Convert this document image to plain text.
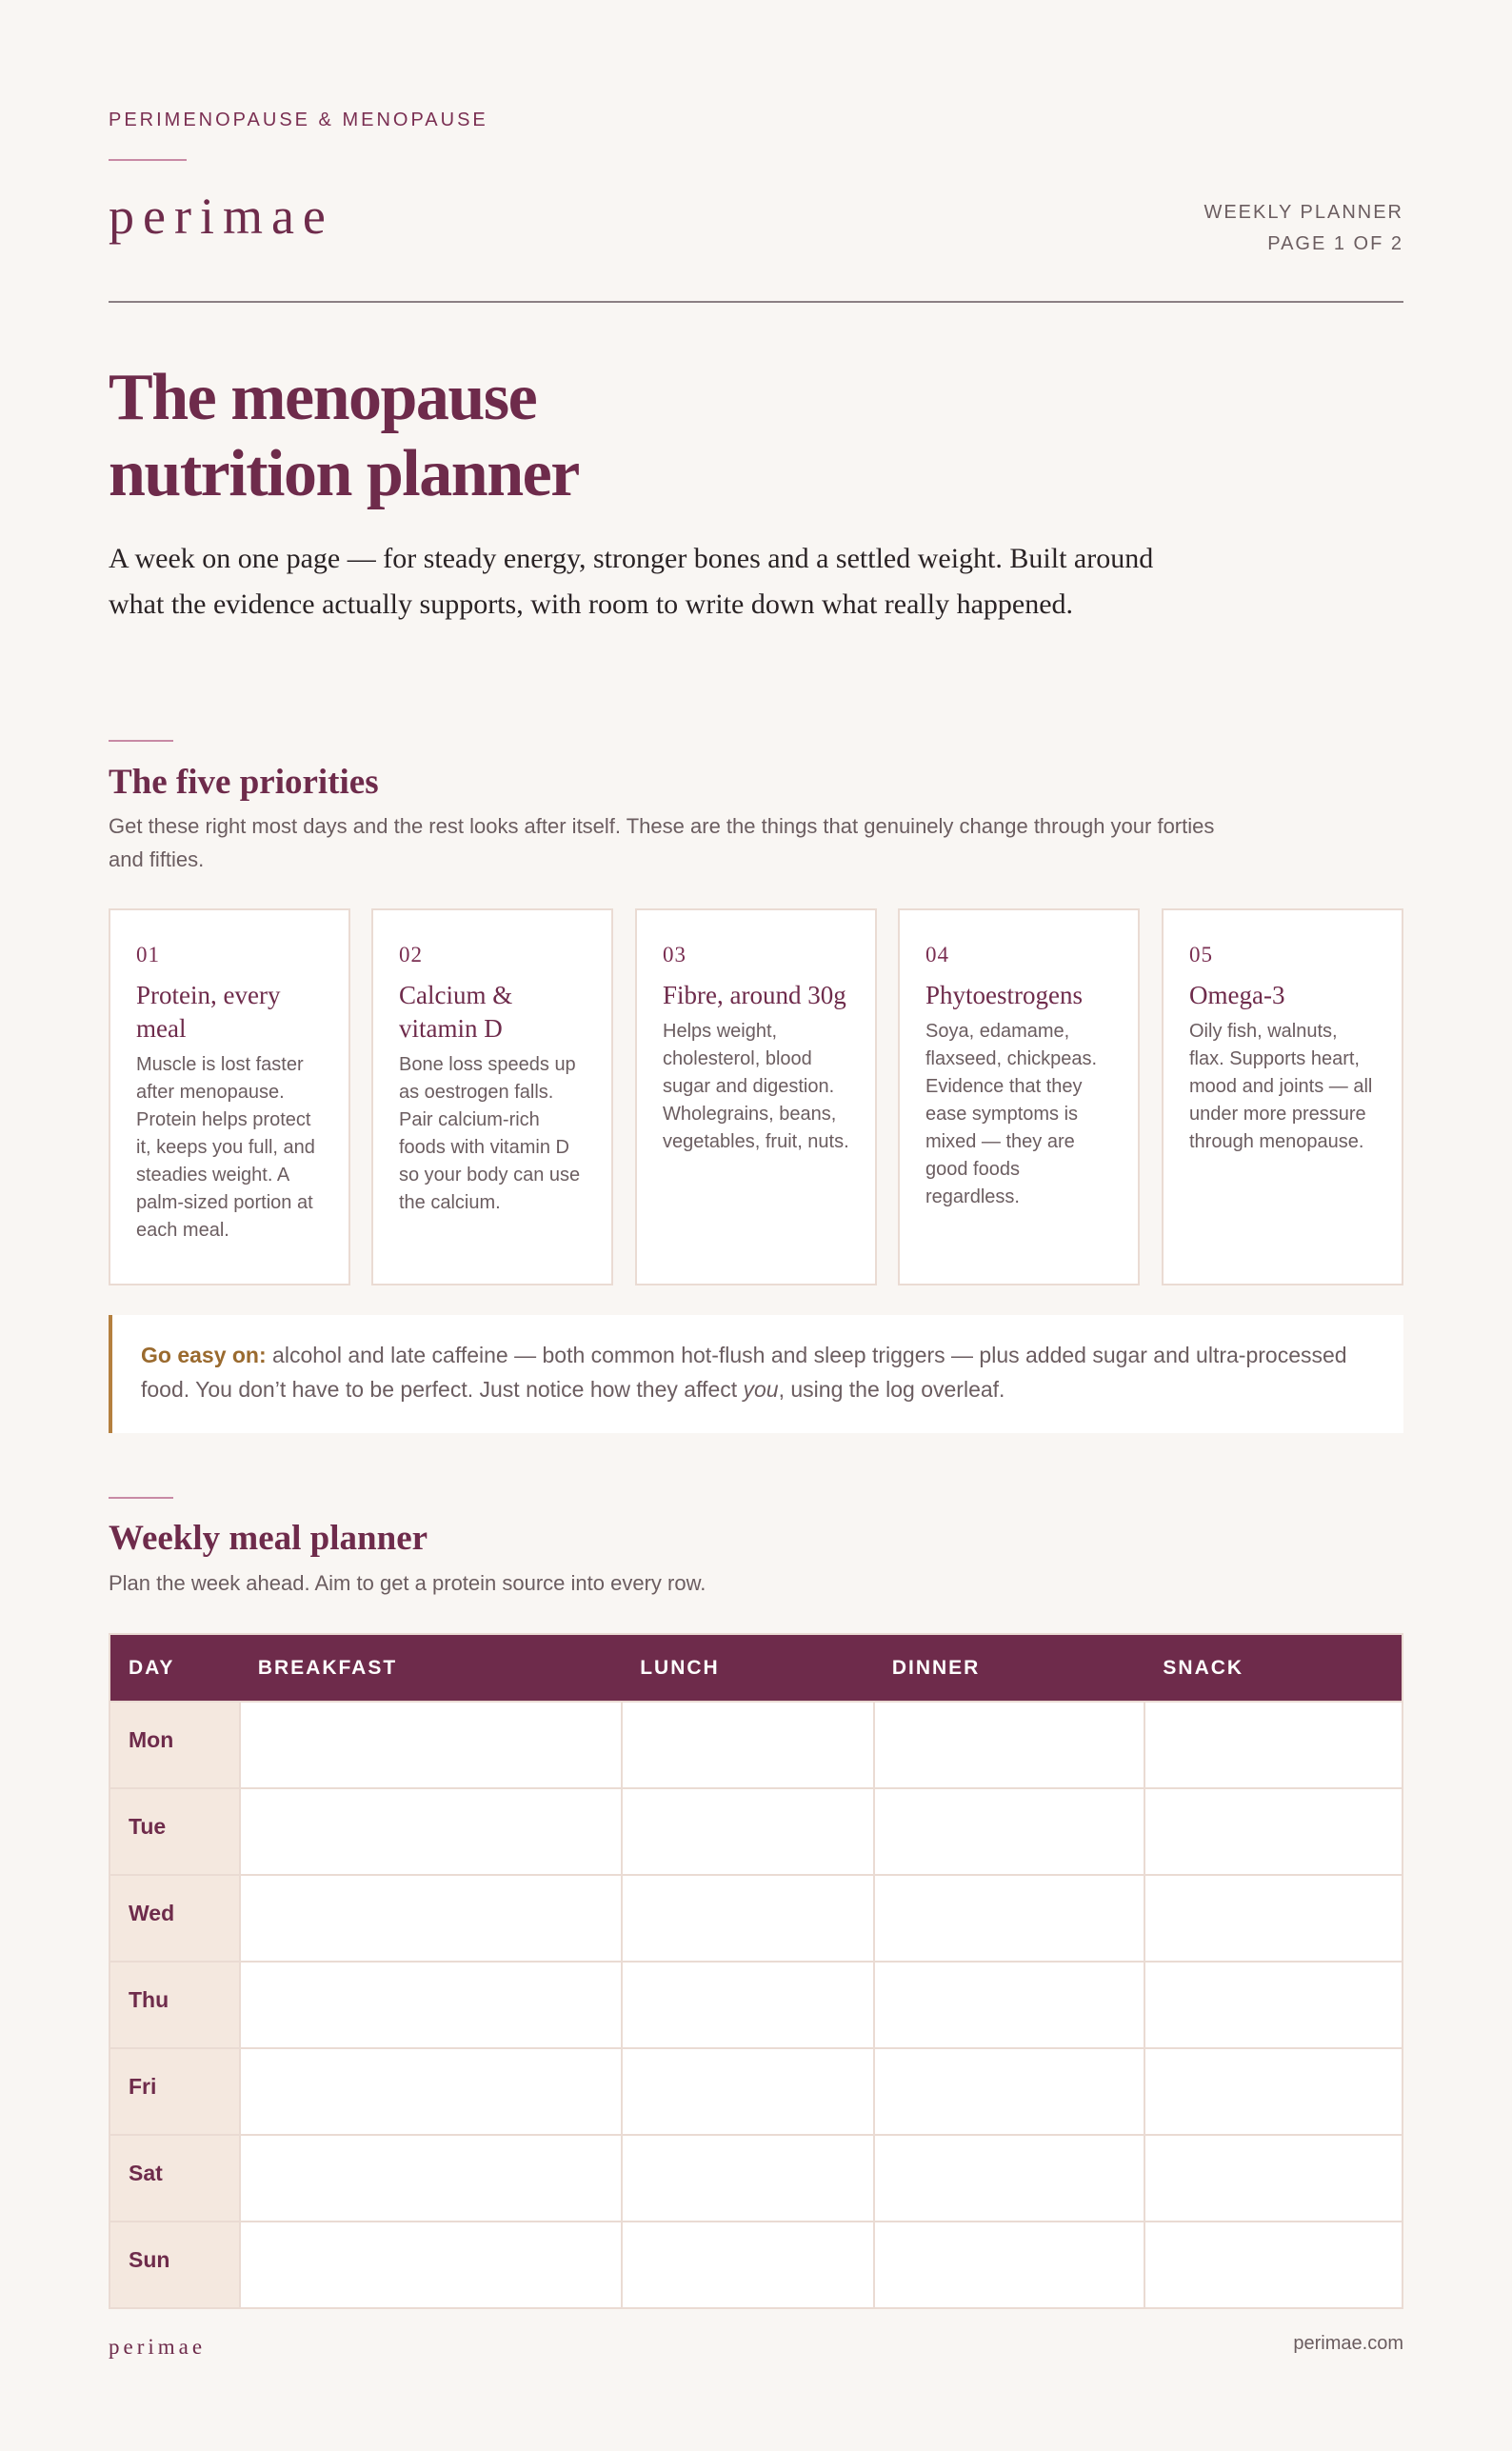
PERIMENOPAUSE & MENOPAUSE
perimae	WEEKLY PLANNER
PAGE 1 OF 2
The menopause
nutrition planner

A week on one page — for steady energy, stronger bones and a settled weight. Built around what the evidence actually supports, with room to write down what really happened.

The five priorities

Get these right most days and the rest looks after itself. These are the things that genuinely change through your forties and fifties.

01
Protein, every meal
Muscle is lost faster after menopause. Protein helps protect it, keeps you full, and steadies weight. A palm-sized portion at each meal.
02
Calcium & vitamin D
Bone loss speeds up as oestrogen falls. Pair calcium-rich foods with vitamin D so your body can use the calcium.
03
Fibre, around 30g
Helps weight, cholesterol, blood sugar and digestion. Wholegrains, beans, vegetables, fruit, nuts.
04
Phytoestrogens
Soya, edamame, flaxseed, chickpeas. Evidence that they ease symptoms is mixed — they are good foods regardless.
05
Omega-3
Oily fish, walnuts, flax. Supports heart, mood and joints — all under more pressure through menopause.
Go easy on: alcohol and late caffeine — both common hot-flush and sleep triggers — plus added sugar and ultra-processed food. You don’t have to be perfect. Just notice how they affect you, using the log overleaf.
Weekly meal planner

Plan the week ahead. Aim to get a protein source into every row.

DAY	BREAKFAST	LUNCH	DINNER	SNACK
Mon				
Tue				
Wed				
Thu				
Fri				
Sat				
Sun				
perimae	perimae.com
